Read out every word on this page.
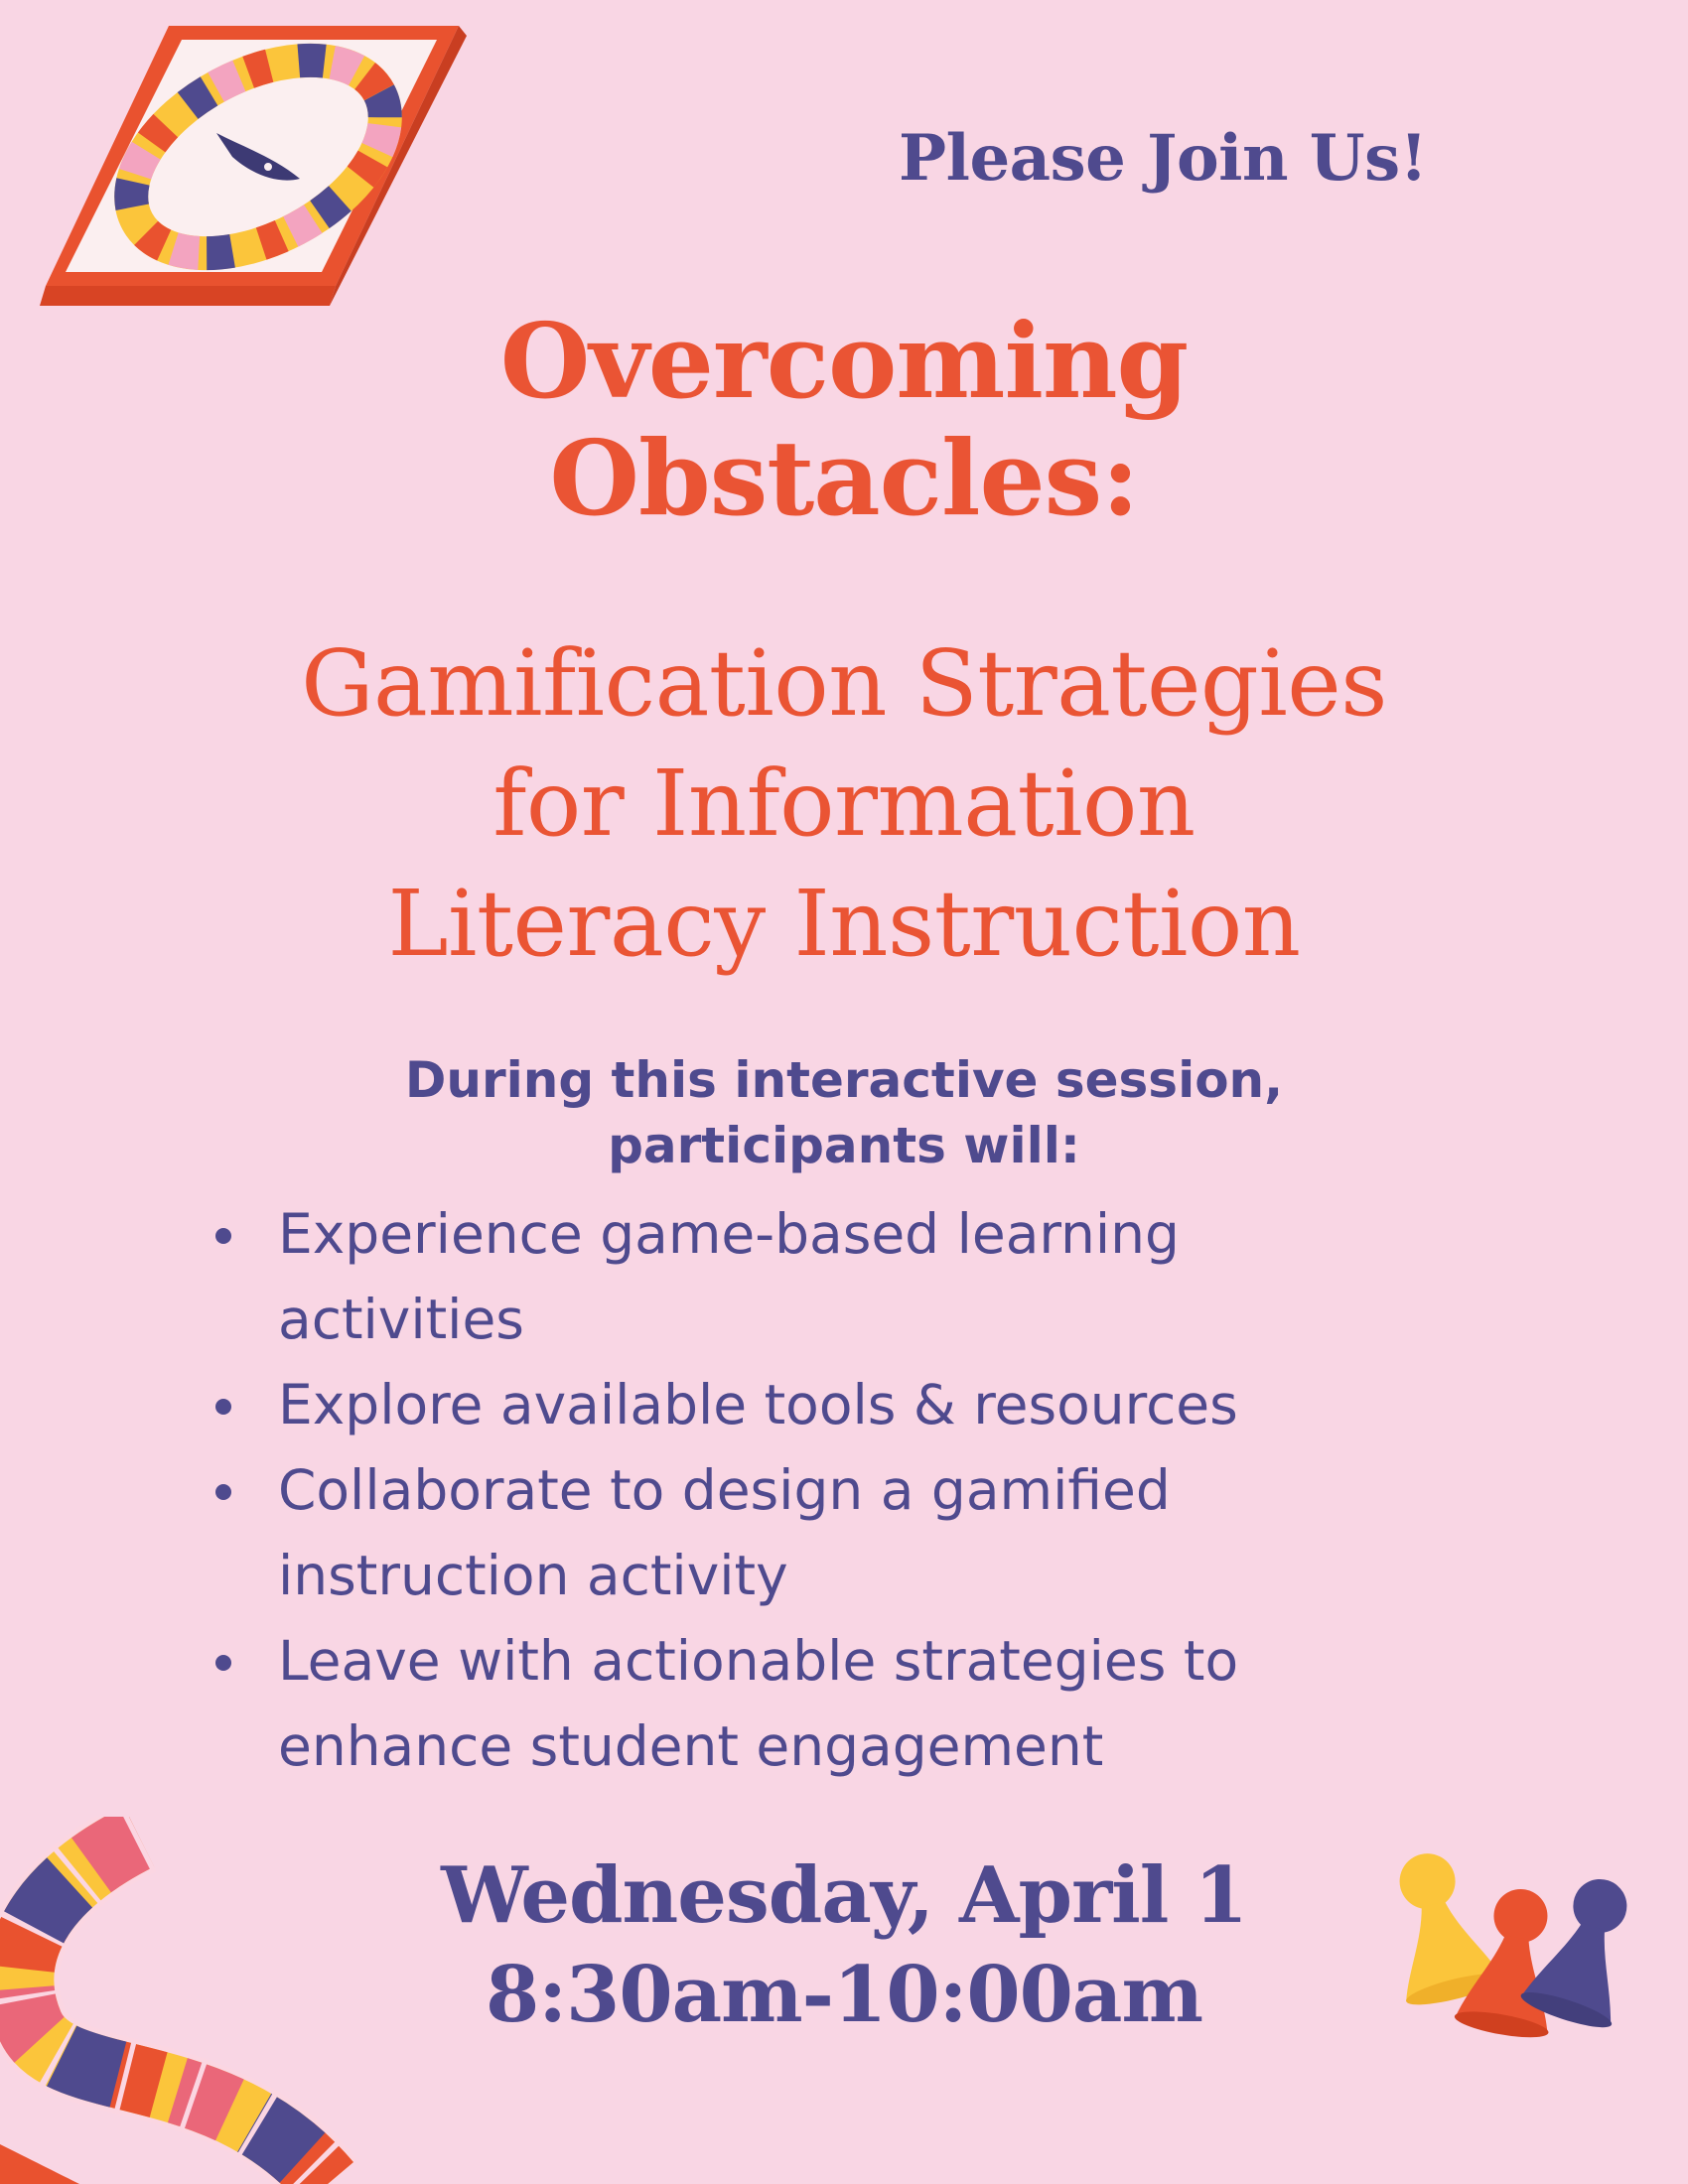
Please Join Us!
Overcoming
Obstacles:
Gamification Strategies
for Information
Literacy Instruction

During this interactive session,
participants will:

Experience game-based learning
activities
Explore available tools & resources
Collaborate to design a gamified
instruction activity
Leave with actionable strategies to
enhance student engagement

Wednesday, April 1
8:30am-10:00am
